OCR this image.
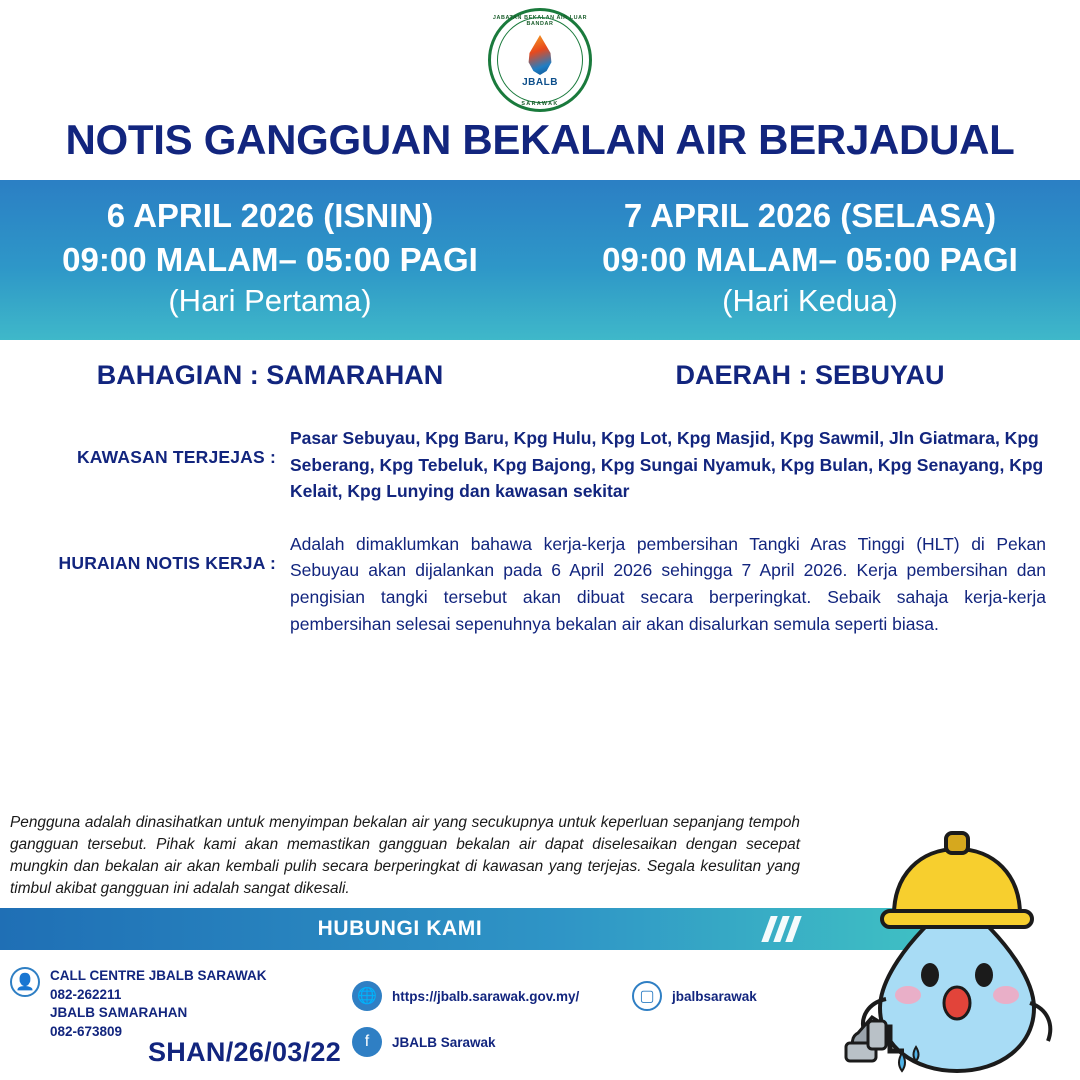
JABATAN BEKALAN AIR LUAR BANDAR
JBALB
SARAWAK
NOTIS GANGGUAN BEKALAN AIR BERJADUAL
6 APRIL 2026 (ISNIN)
09:00 MALAM– 05:00 PAGI
(Hari Pertama)
7 APRIL 2026 (SELASA)
09:00 MALAM– 05:00 PAGI
(Hari Kedua)
BAHAGIAN : SAMARAHAN	DAERAH : SEBUYAU
KAWASAN TERJEJAS :
Pasar Sebuyau, Kpg Baru, Kpg Hulu, Kpg Lot, Kpg Masjid, Kpg Sawmil, Jln Giatmara, Kpg Seberang, Kpg Tebeluk, Kpg Bajong, Kpg Sungai Nyamuk, Kpg Bulan, Kpg Senayang, Kpg Kelait, Kpg Lunying dan kawasan sekitar
HURAIAN NOTIS KERJA :
Adalah dimaklumkan bahawa kerja-kerja pembersihan Tangki Aras Tinggi (HLT) di Pekan Sebuyau akan dijalankan pada 6 April 2026 sehingga 7 April 2026. Kerja pembersihan dan pengisian tangki tersebut akan dibuat secara berperingkat. Sebaik sahaja kerja-kerja pembersihan selesai sepenuhnya bekalan air akan disalurkan semula seperti biasa.
Pengguna adalah dinasihatkan untuk menyimpan bekalan air yang secukupnya untuk keperluan sepanjang tempoh gangguan tersebut. Pihak kami akan memastikan gangguan bekalan air dapat diselesaikan dengan secepat mungkin dan bekalan air akan kembali pulih secara berperingkat di kawasan yang terjejas. Segala kesulitan yang timbul akibat gangguan ini adalah sangat dikesali.
HUBUNGI KAMI
👤	CALL CENTRE JBALB SARAWAK
082-262211
JBALB SAMARAHAN
082-673809
🌐	https://jbalb.sarawak.gov.my/	▢	jbalbsarawak
f	JBALB Sarawak
SHAN/26/03/22
